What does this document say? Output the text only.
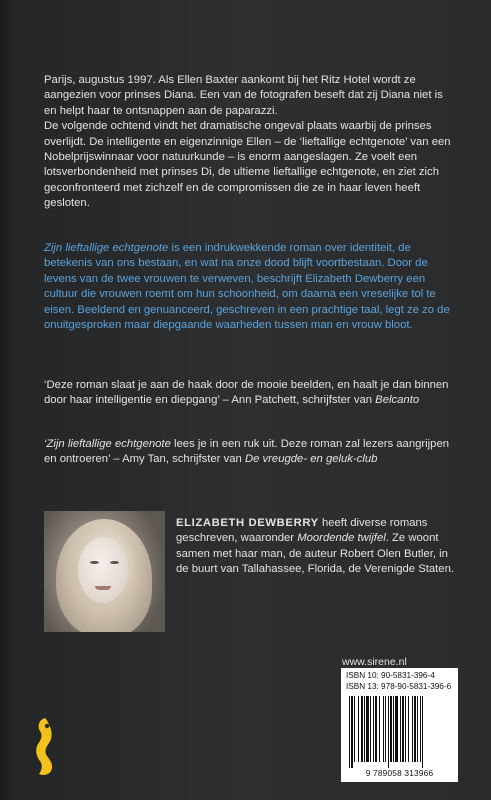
Parijs, augustus 1997. Als Ellen Baxter aankomt bij het Ritz Hotel wordt ze aangezien voor prinses Diana. Een van de fotografen beseft dat zij Diana niet is en helpt haar te ontsnappen aan de paparazzi.

De volgende ochtend vindt het dramatische ongeval plaats waarbij de prinses overlijdt. De intelligente en eigenzinnige Ellen – de ‘lieftallige echtgenote’ van een Nobelprijswinnaar voor natuurkunde – is enorm aangeslagen. Ze voelt een lotsverbondenheid met prinses Di, de ultieme lieftallige echtgenote, en ziet zich geconfronteerd met zichzelf en de compromissen die ze in haar leven heeft gesloten.

Zijn lieftallige echtgenote is een indrukwekkende roman over identiteit, de betekenis van ons bestaan, en wat na onze dood blijft voortbestaan. Door de levens van de twee vrouwen te verweven, beschrijft Elizabeth Dewberry een cultuur die vrouwen roemt om hun schoonheid, om daarna een vreselijke tol te eisen. Beeldend en genuanceerd, geschreven in een prachtige taal, legt ze zo de onuitgesproken maar diepgaande waarheden tussen man en vrouw bloot.

‘Deze roman slaat je aan de haak door de mooie beelden, en haalt je dan binnen door haar intelligentie en diepgang’ – Ann Patchett, schrijfster van Belcanto

‘Zijn lieftallige echtgenote lees je in een ruk uit. Deze roman zal lezers aangrijpen en ontroeren’ – Amy Tan, schrijfster van De vreugde- en geluk-club

ELIZABETH DEWBERRY heeft diverse romans geschreven, waaronder Moordende twijfel. Ze woont samen met haar man, de auteur Robert Olen Butler, in de buurt van Tallahassee, Florida, de Verenigde Staten.
www.sirene.nl
ISBN 10: 90-5831-396-4
ISBN 13: 978-90-5831-396-6
9 789058 313966
